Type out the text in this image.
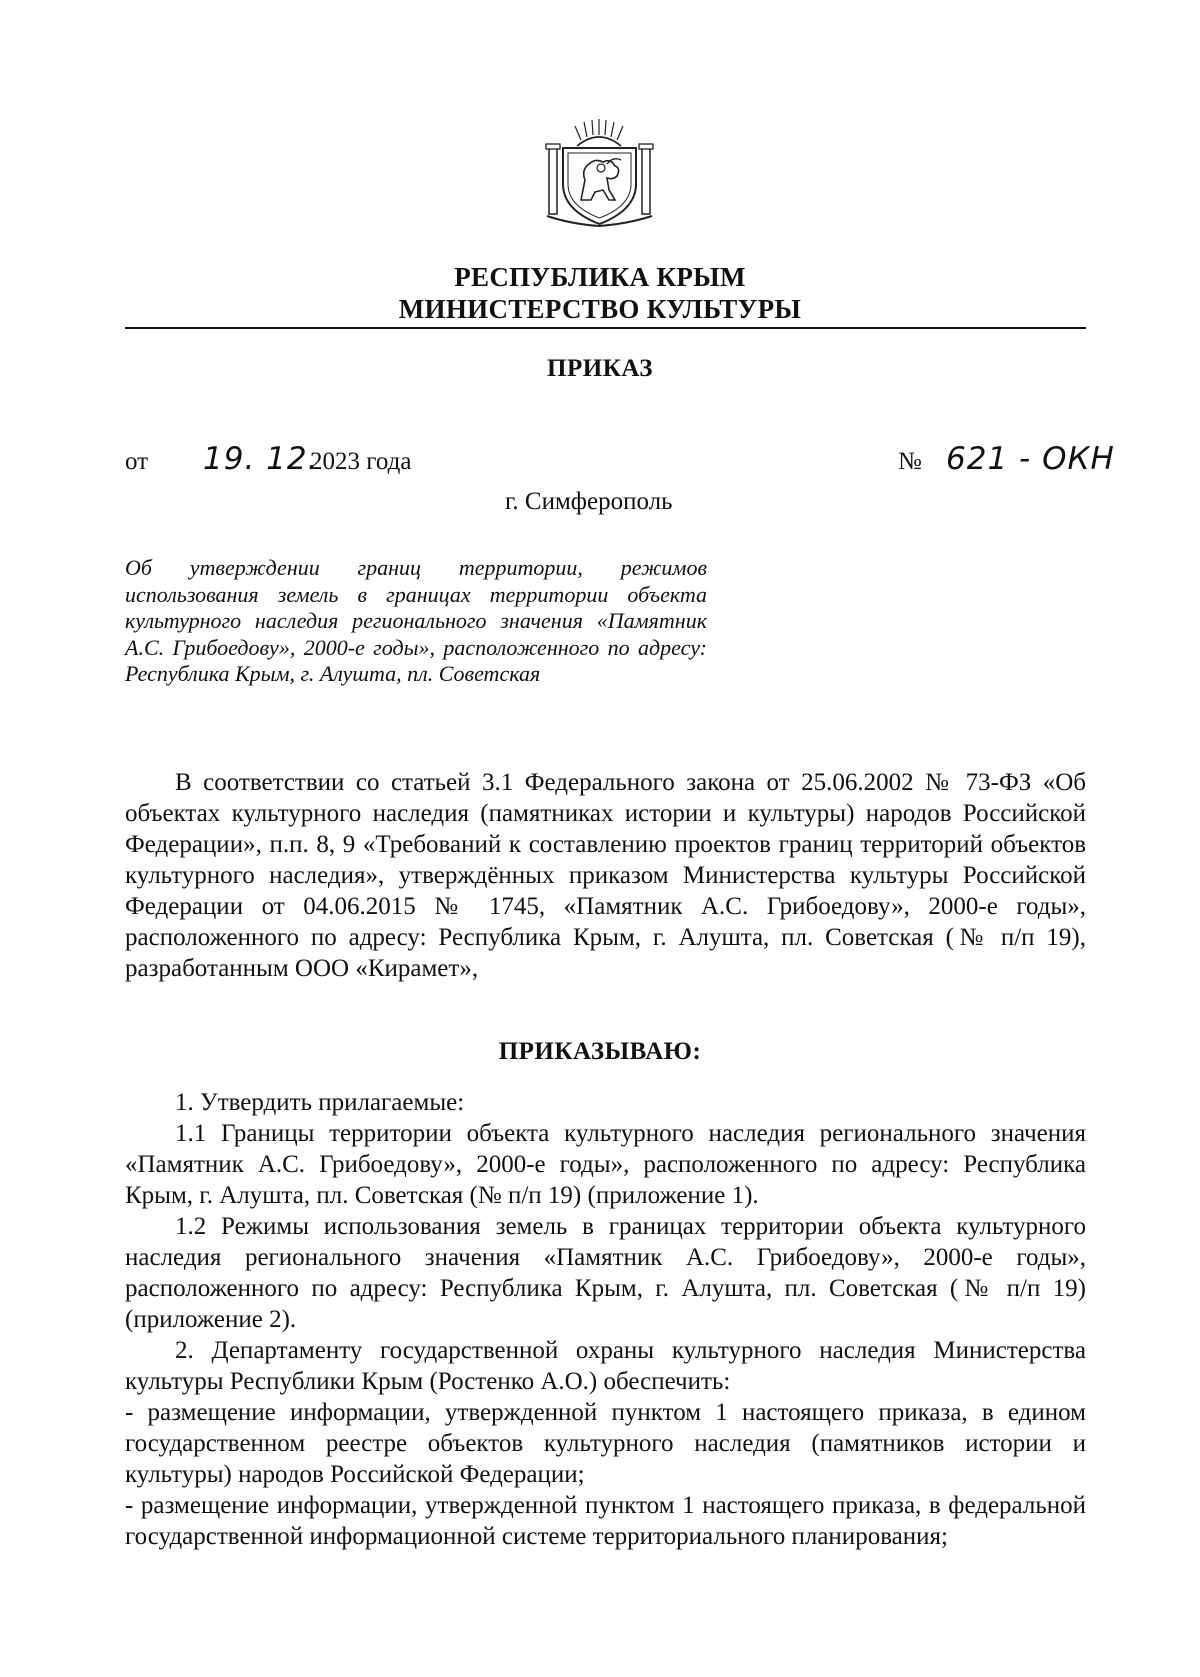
РЕСПУБЛИКА КРЫМ
МИНИСТЕРСТВО КУЛЬТУРЫ
ПРИКАЗ
от 19. 12.
2023 года	№ 621 - ОКН
г. Симферополь
Об утверждении границ территории, режимов использования земель в границах территории объекта культурного наследия регионального значения «Памятник А.С. Грибоедову», 2000-е годы», расположенного по адресу: Республика Крым, г. Алушта, пл. Советская
В соответствии со статьей 3.1 Федерального закона от 25.06.2002 № 73-ФЗ «Об объектах культурного наследия (памятниках истории и культуры) народов Российской Федерации», п.п. 8, 9 «Требований к составлению проектов границ территорий объектов культурного наследия», утверждённых приказом Министерства культуры Российской Федерации от 04.06.2015 № 1745, «Памятник А.С. Грибоедову», 2000-е годы», расположенного по адресу: Республика Крым, г. Алушта, пл. Советская (№ п/п 19), разработанным ООО «Кирамет»,
ПРИКАЗЫВАЮ:

1. Утвердить прилагаемые:

1.1 Границы территории объекта культурного наследия регионального значения «Памятник А.С. Грибоедову», 2000-е годы», расположенного по адресу: Республика Крым, г. Алушта, пл. Советская (№ п/п 19) (приложение 1).

1.2 Режимы использования земель в границах территории объекта культурного наследия регионального значения «Памятник А.С. Грибоедову», 2000-е годы», расположенного по адресу: Республика Крым, г. Алушта, пл. Советская (№ п/п 19) (приложение 2).

2. Департаменту государственной охраны культурного наследия Министерства культуры Республики Крым (Ростенко А.О.) обеспечить:

- размещение информации, утвержденной пунктом 1 настоящего приказа, в едином государственном реестре объектов культурного наследия (памятников истории и культуры) народов Российской Федерации;

- размещение информации, утвержденной пунктом 1 настоящего приказа, в федеральной государственной информационной системе территориального планирования;
